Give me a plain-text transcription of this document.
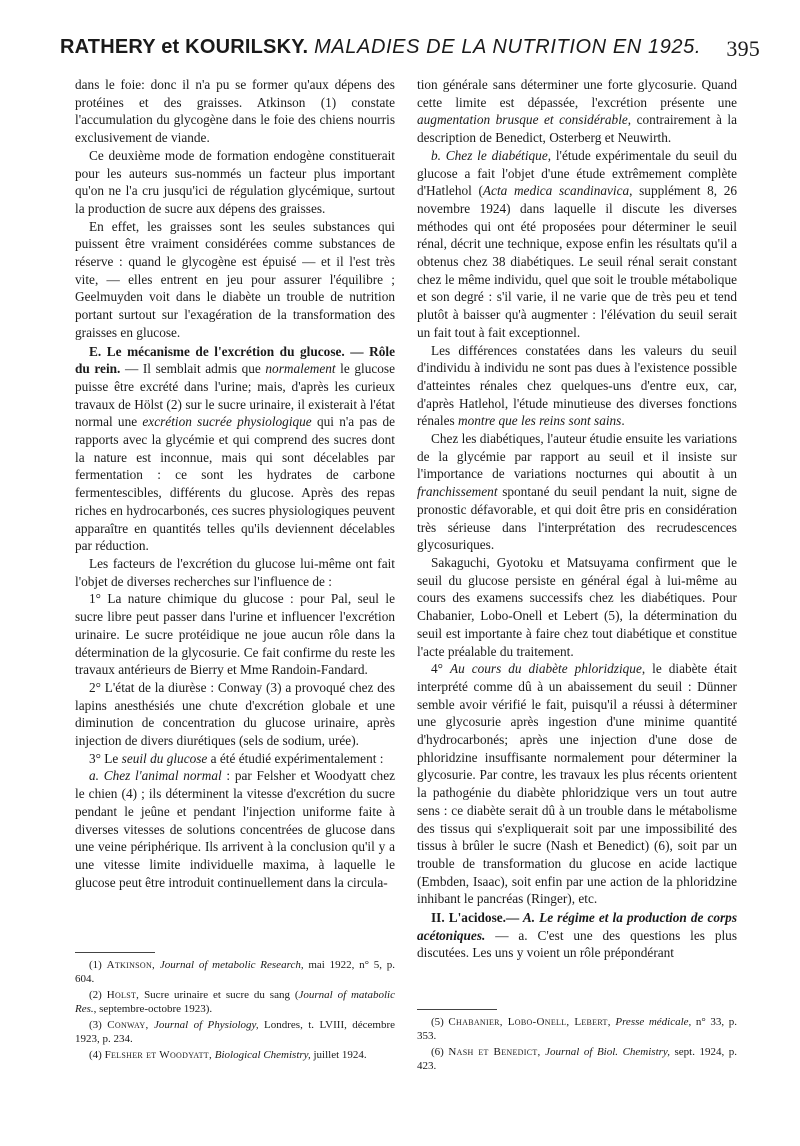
RATHERY et KOURILSKY. MALADIES DE LA NUTRITION EN 1925. 395

dans le foie: donc il n'a pu se former qu'aux dépens des protéines et des graisses. Atkinson (1) constate l'accumulation du glycogène dans le foie des chiens nourris exclusivement de viande.

Ce deuxième mode de formation endogène constituerait pour les auteurs sus-nommés un facteur plus important qu'on ne l'a cru jusqu'ici de régulation glycémique, surtout la production de sucre aux dépens des graisses.

En effet, les graisses sont les seules substances qui puissent être vraiment considérées comme substances de réserve : quand le glycogène est épuisé — et il l'est très vite, — elles entrent en jeu pour assurer l'équilibre ; Geelmuyden voit dans le diabète un trouble de nutrition portant surtout sur l'exagération de la transformation des graisses en glucose.

E. Le mécanisme de l'excrétion du glucose. — Rôle du rein. — Il semblait admis que normalement le glucose puisse être excrété dans l'urine; mais, d'après les curieux travaux de Hölst (2) sur le sucre urinaire, il existerait à l'état normal une excrétion sucrée physiologique qui n'a pas de rapports avec la glycémie et qui comprend des sucres dont la nature est inconnue, mais qui sont décelables par fermentation : ce sont les hydrates de carbone fermentescibles, différents du glucose. Après des repas riches en hydrocarbonés, ces sucres physiologiques peuvent apparaître en quantités telles qu'ils deviennent décelables par réduction.

Les facteurs de l'excrétion du glucose lui-même ont fait l'objet de diverses recherches sur l'influence de :

1° La nature chimique du glucose : pour Pal, seul le sucre libre peut passer dans l'urine et influencer l'excrétion urinaire. Le sucre protéidique ne joue aucun rôle dans la détermination de la glycosurie. Ce fait confirme du reste les travaux antérieurs de Bierry et Mme Randoin-Fandard.

2° L'état de la diurèse : Conway (3) a provoqué chez des lapins anesthésiés une chute d'excrétion globale et une diminution de concentration du glucose urinaire, après injection de divers diurétiques (sels de sodium, urée).

3° Le seuil du glucose a été étudié expérimentalement :

a. Chez l'animal normal : par Felsher et Woodyatt chez le chien (4) ; ils déterminent la vitesse d'excrétion du sucre pendant le jeûne et pendant l'injection uniforme faite à diverses vitesses de solutions concentrées de glucose dans une veine périphérique. Ils arrivent à la conclusion qu'il y a une vitesse limite individuelle maxima, à laquelle le glucose peut être introduit continuellement dans la circula-

(1) Atkinson, Journal of metabolic Research, mai 1922, n° 5, p. 604.

(2) Holst, Sucre urinaire et sucre du sang (Journal of matabolic Res., septembre-octobre 1923).

(3) Conway, Journal of Physiology, Londres, t. LVIII, décembre 1923, p. 234.

(4) Felsher et Woodyatt, Biological Chemistry, juillet 1924.

tion générale sans déterminer une forte glycosurie. Quand cette limite est dépassée, l'excrétion présente une augmentation brusque et considérable, contrairement à la description de Benedict, Osterberg et Neuwirth.

b. Chez le diabétique, l'étude expérimentale du seuil du glucose a fait l'objet d'une étude extrêmement complète d'Hatlehol (Acta medica scandinavica, supplément 8, 26 novembre 1924) dans laquelle il discute les diverses méthodes qui ont été proposées pour déterminer le seuil rénal, décrit une technique, expose enfin les résultats qu'il a obtenus chez 38 diabétiques. Le seuil rénal serait constant chez le même individu, quel que soit le trouble métabolique et son degré : s'il varie, il ne varie que de très peu et tend plutôt à baisser qu'à augmenter : l'élévation du seuil serait un fait tout à fait exceptionnel.

Les différences constatées dans les valeurs du seuil d'individu à individu ne sont pas dues à l'existence possible d'atteintes rénales chez quelques-uns d'entre eux, car, d'après Hatlehol, l'étude minutieuse des diverses fonctions rénales montre que les reins sont sains.

Chez les diabétiques, l'auteur étudie ensuite les variations de la glycémie par rapport au seuil et il insiste sur l'importance de variations nocturnes qui aboutit à un franchissement spontané du seuil pendant la nuit, signe de pronostic défavorable, et qui doit être pris en considération très sérieuse dans l'interprétation des recrudescences glycosuriques.

Sakaguchi, Gyotoku et Matsuyama confirment que le seuil du glucose persiste en général égal à lui-même au cours des examens successifs chez les diabétiques. Pour Chabanier, Lobo-Onell et Lebert (5), la détermination du seuil est importante à faire chez tout diabétique et constitue l'acte préalable du traitement.

4° Au cours du diabète phloridzique, le diabète était interprété comme dû à un abaissement du seuil : Dünner semble avoir vérifié le fait, puisqu'il a réussi à déterminer une glycosurie après ingestion d'une minime quantité d'hydrocarbonés; après une injection d'une dose de phloridzine insuffisante normalement pour déterminer la glycosurie. Par contre, les travaux les plus récents orientent la pathogénie du diabète phloridzique vers un tout autre sens : ce diabète serait dû à un trouble dans le métabolisme des tissus qui s'expliquerait soit par une impossibilité des tissus à brûler le sucre (Nash et Benedict) (6), soit par un trouble de transformation du glucose en acide lactique (Embden, Isaac), soit enfin par une action de la phloridzine inhibant le pancréas (Ringer), etc.

II. L'acidose.— A. Le régime et la production de corps acétoniques. — a. C'est une des questions les plus discutées. Les uns y voient un rôle prépondérant

(5) Chabanier, Lobo-Onell, Lebert, Presse médicale, n° 33, p. 353.

(6) Nash et Benedict, Journal of Biol. Chemistry, sept. 1924, p. 423.
